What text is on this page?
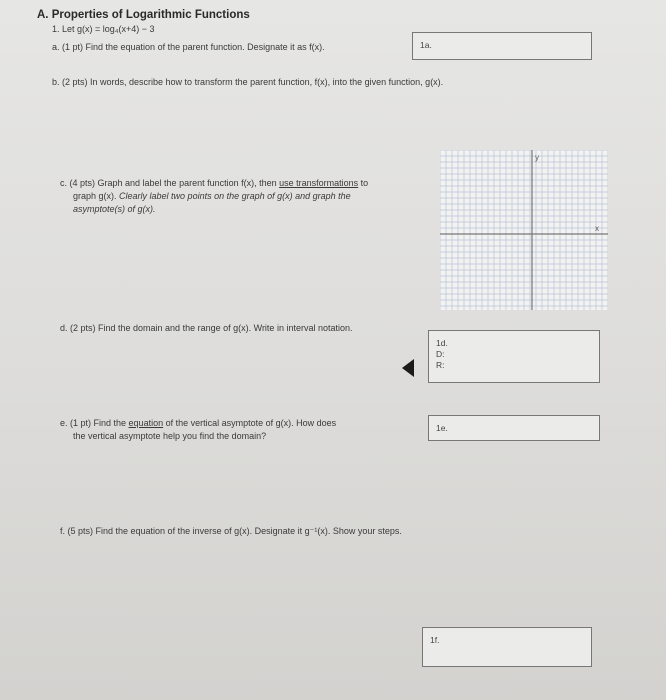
A. Properties of Logarithmic Functions
1. Let g(x) = log₄(x+4) − 3
a. (1 pt) Find the equation of the parent function. Designate it as f(x).	1a.
b. (2 pts) In words, describe how to transform the parent function, f(x), into the given function, g(x).
c. (4 pts) Graph and label the parent function f(x), then use transformations to
graph g(x). Clearly label two points on the graph of g(x) and graph the
asymptote(s) of g(x).
y
x
d. (2 pts) Find the domain and the range of g(x). Write in interval notation.
1d.
D:
R:
e. (1 pt) Find the equation of the vertical asymptote of g(x). How does
the vertical asymptote help you find the domain?
1e.
f. (5 pts) Find the equation of the inverse of g(x). Designate it g⁻¹(x). Show your steps.
1f.
